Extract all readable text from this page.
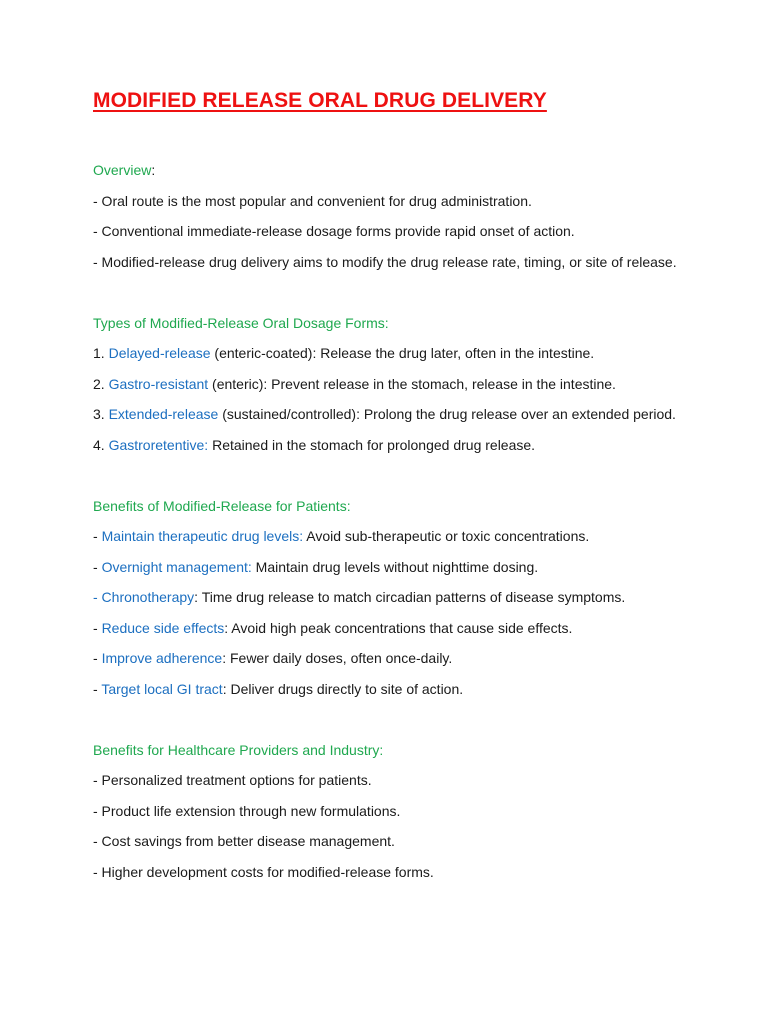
MODIFIED RELEASE ORAL DRUG DELIVERY

Overview:

- Oral route is the most popular and convenient for drug administration.

- Conventional immediate-release dosage forms provide rapid onset of action.

- Modified-release drug delivery aims to modify the drug release rate, timing, or site of release.

Types of Modified-Release Oral Dosage Forms:

1. Delayed-release (enteric-coated): Release the drug later, often in the intestine.

2. Gastro-resistant (enteric): Prevent release in the stomach, release in the intestine.

3. Extended-release (sustained/controlled): Prolong the drug release over an extended period.

4. Gastroretentive: Retained in the stomach for prolonged drug release.

Benefits of Modified-Release for Patients:

- Maintain therapeutic drug levels: Avoid sub-therapeutic or toxic concentrations.

- Overnight management: Maintain drug levels without nighttime dosing.

- Chronotherapy: Time drug release to match circadian patterns of disease symptoms.

- Reduce side effects: Avoid high peak concentrations that cause side effects.

- Improve adherence: Fewer daily doses, often once-daily.

- Target local GI tract: Deliver drugs directly to site of action.

Benefits for Healthcare Providers and Industry:

- Personalized treatment options for patients.

- Product life extension through new formulations.

- Cost savings from better disease management.

- Higher development costs for modified-release forms.
